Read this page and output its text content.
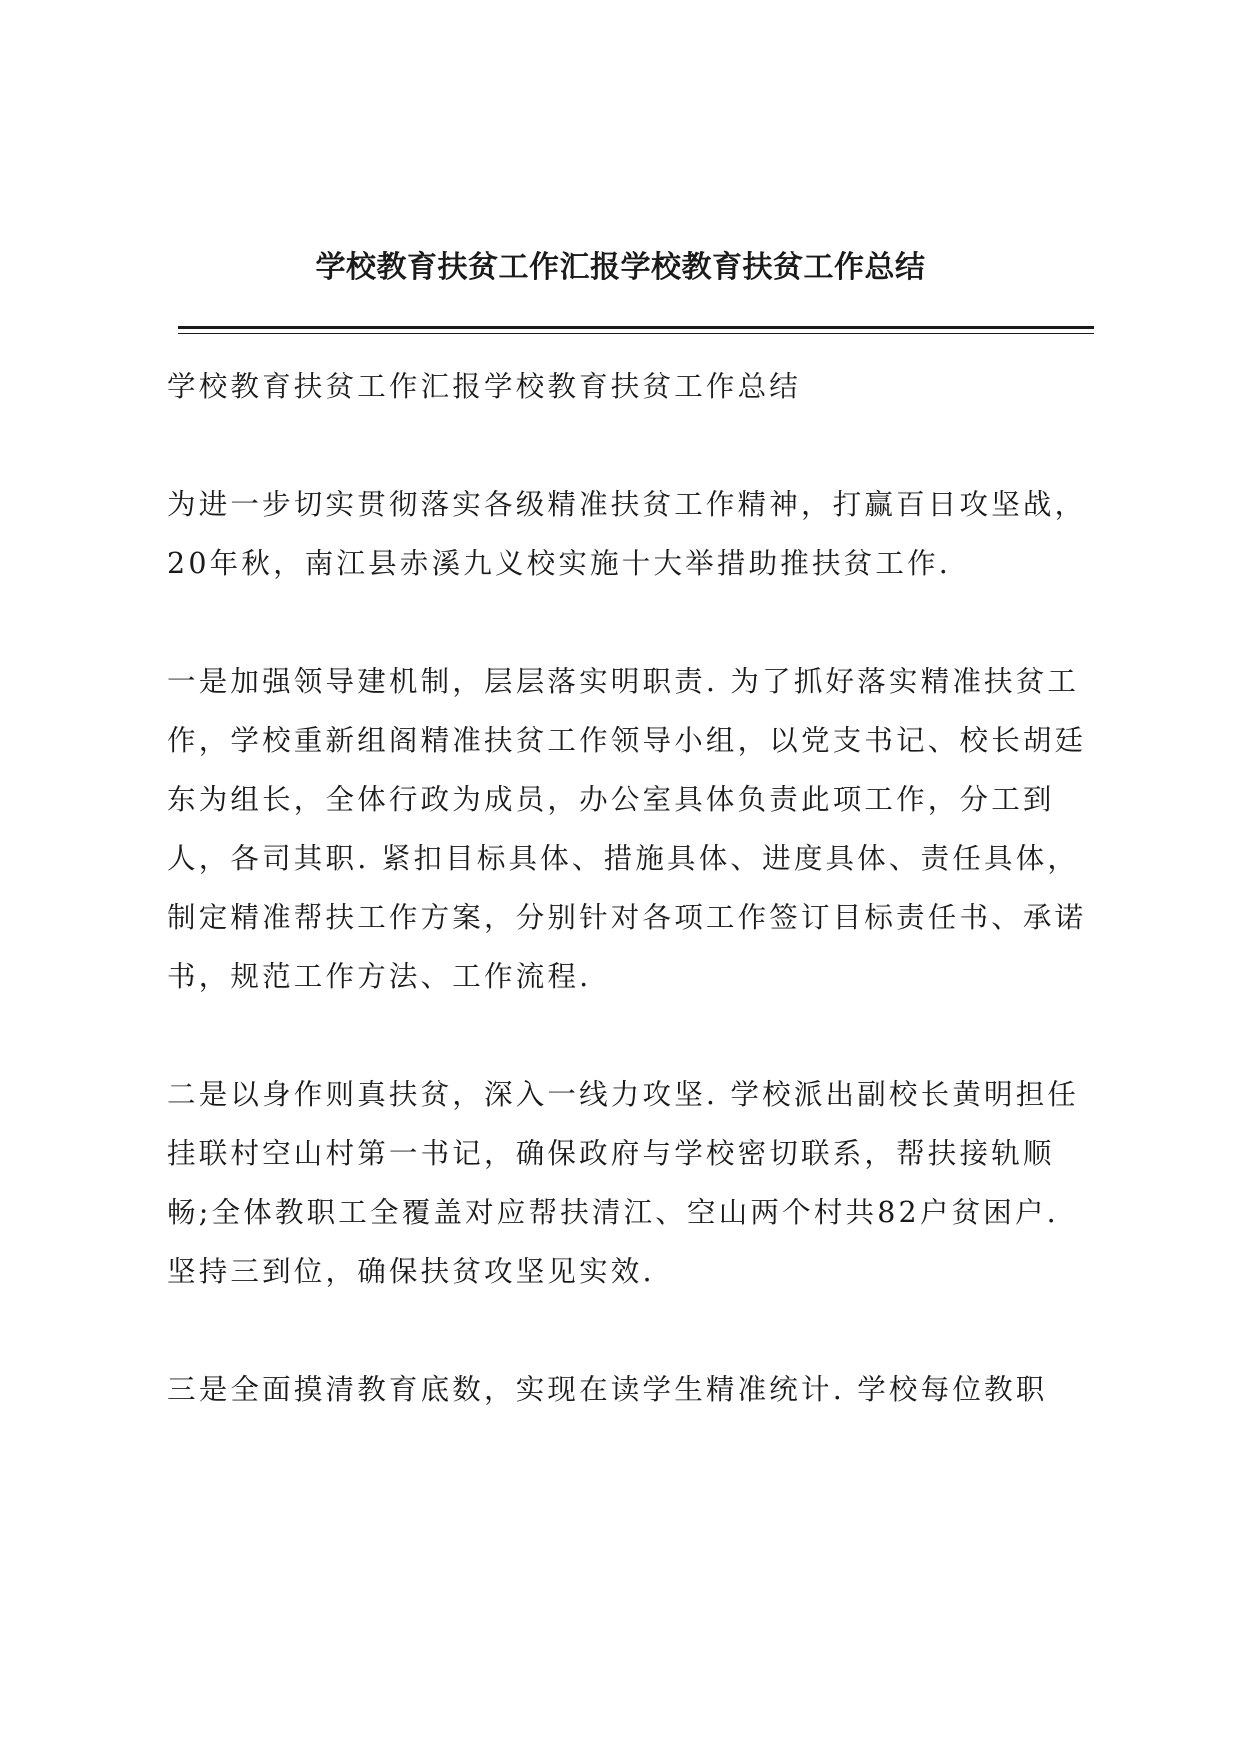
学校教育扶贫工作汇报学校教育扶贫工作总结

学校教育扶贫工作汇报学校教育扶贫工作总结

为进一步切实贯彻落实各级精准扶贫工作精神，打赢百日攻坚战，20年秋，南江县赤溪九义校实施十大举措助推扶贫工作.

一是加强领导建机制，层层落实明职责. 为了抓好落实精准扶贫工作，学校重新组阁精准扶贫工作领导小组，以党支书记、校长胡廷东为组长，全体行政为成员，办公室具体负责此项工作，分工到人，各司其职. 紧扣目标具体、措施具体、进度具体、责任具体，制定精准帮扶工作方案，分别针对各项工作签订目标责任书、承诺书，规范工作方法、工作流程.

二是以身作则真扶贫，深入一线力攻坚. 学校派出副校长黄明担任挂联村空山村第一书记，确保政府与学校密切联系，帮扶接轨顺畅;全体教职工全覆盖对应帮扶清江、空山两个村共82户贫困户. 坚持三到位，确保扶贫攻坚见实效.

三是全面摸清教育底数，实现在读学生精准统计. 学校每位教职
